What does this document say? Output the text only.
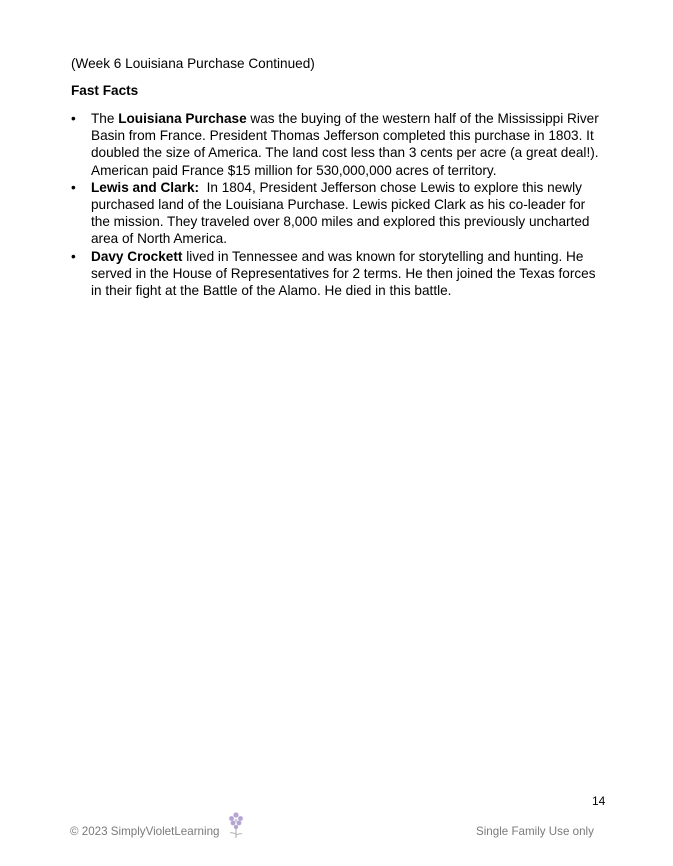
(Week 6 Louisiana Purchase Continued)
Fast Facts
• The Louisiana Purchase was the buying of the western half of the Mississippi River
Basin from France. President Thomas Jefferson completed this purchase in 1803. It
doubled the size of America. The land cost less than 3 cents per acre (a great deal!).
American paid France $15 million for 530,000,000 acres of territory.
• Lewis and Clark:  In 1804, President Jefferson chose Lewis to explore this newly
purchased land of the Louisiana Purchase. Lewis picked Clark as his co-leader for
the mission. They traveled over 8,000 miles and explored this previously uncharted
area of North America.
• Davy Crockett lived in Tennessee and was known for storytelling and hunting. He
served in the House of Representatives for 2 terms. He then joined the Texas forces
in their fight at the Battle of the Alamo. He died in this battle.
14
© 2023 SimplyVioletLearning	Single Family Use only
